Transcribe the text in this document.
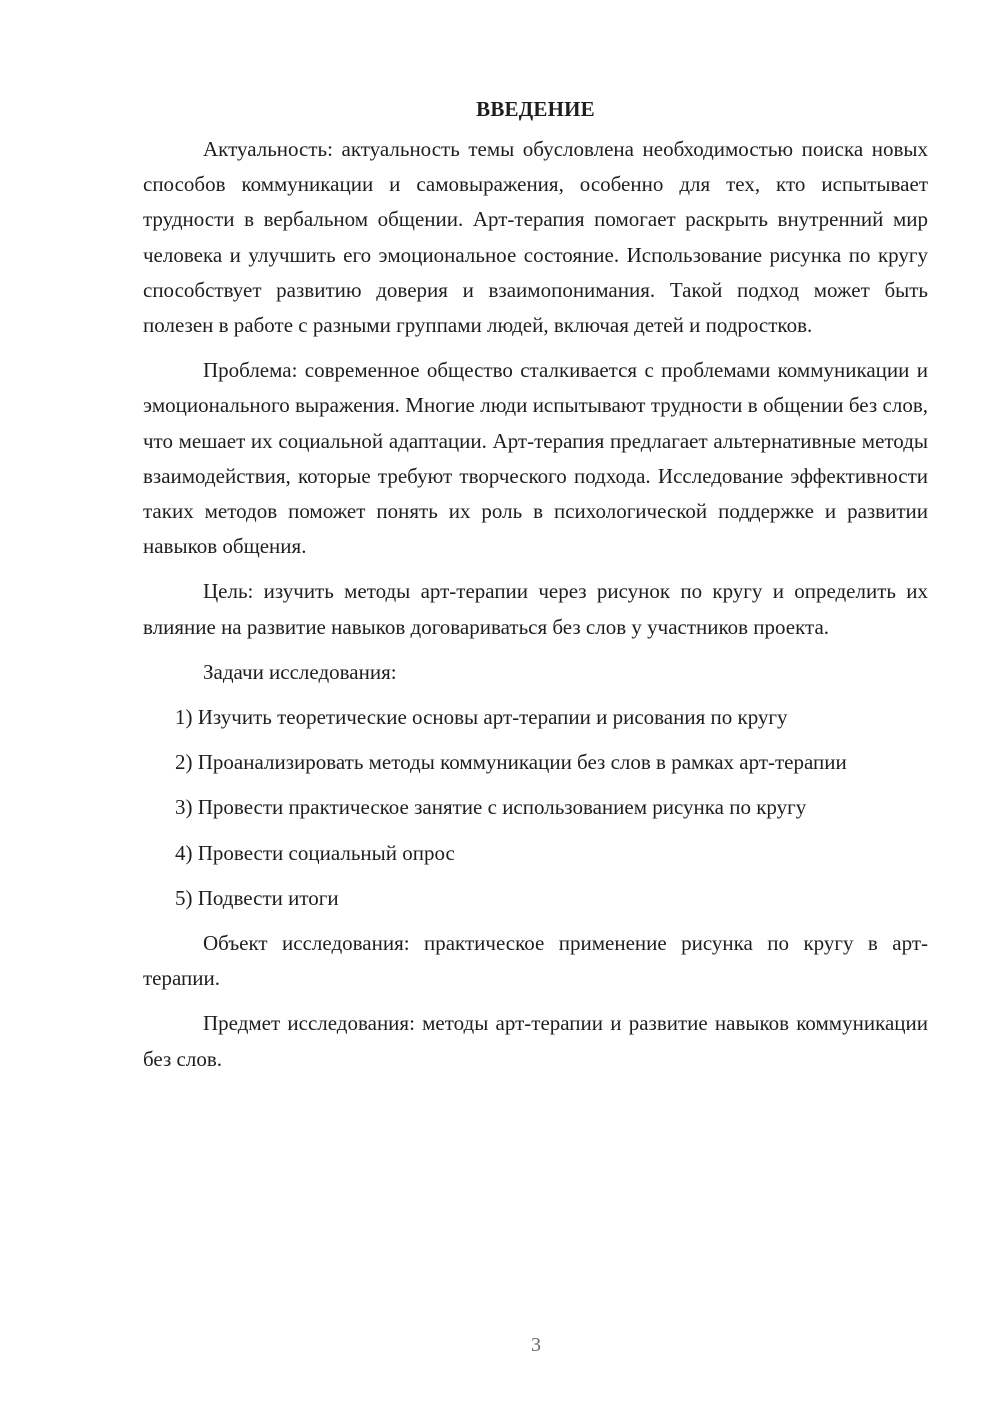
ВВЕДЕНИЕ

Актуальность: актуальность темы обусловлена необходимостью поиска новых способов коммуникации и самовыражения, особенно для тех, кто испытывает трудности в вербальном общении. Арт-терапия помогает раскрыть внутренний мир человека и улучшить его эмоциональное состояние. Использование рисунка по кругу способствует развитию доверия и взаимопонимания. Такой подход может быть полезен в работе с разными группами людей, включая детей и подростков.

Проблема: современное общество сталкивается с проблемами коммуникации и эмоционального выражения. Многие люди испытывают трудности в общении без слов, что мешает их социальной адаптации. Арт-терапия предлагает альтернативные методы взаимодействия, которые требуют творческого подхода. Исследование эффективности таких методов поможет понять их роль в психологической поддержке и развитии навыков общения.

Цель: изучить методы арт-терапии через рисунок по кругу и определить их влияние на развитие навыков договариваться без слов у участников проекта.

Задачи исследования:

1) Изучить теоретические основы арт-терапии и рисования по кругу

2) Проанализировать методы коммуникации без слов в рамках арт-терапии

3) Провести практическое занятие с использованием рисунка по кругу

4) Провести социальный опрос

5) Подвести итоги

Объект исследования: практическое применение рисунка по кругу в арт-терапии.

Предмет исследования: методы арт-терапии и развитие навыков коммуникации без слов.

3
